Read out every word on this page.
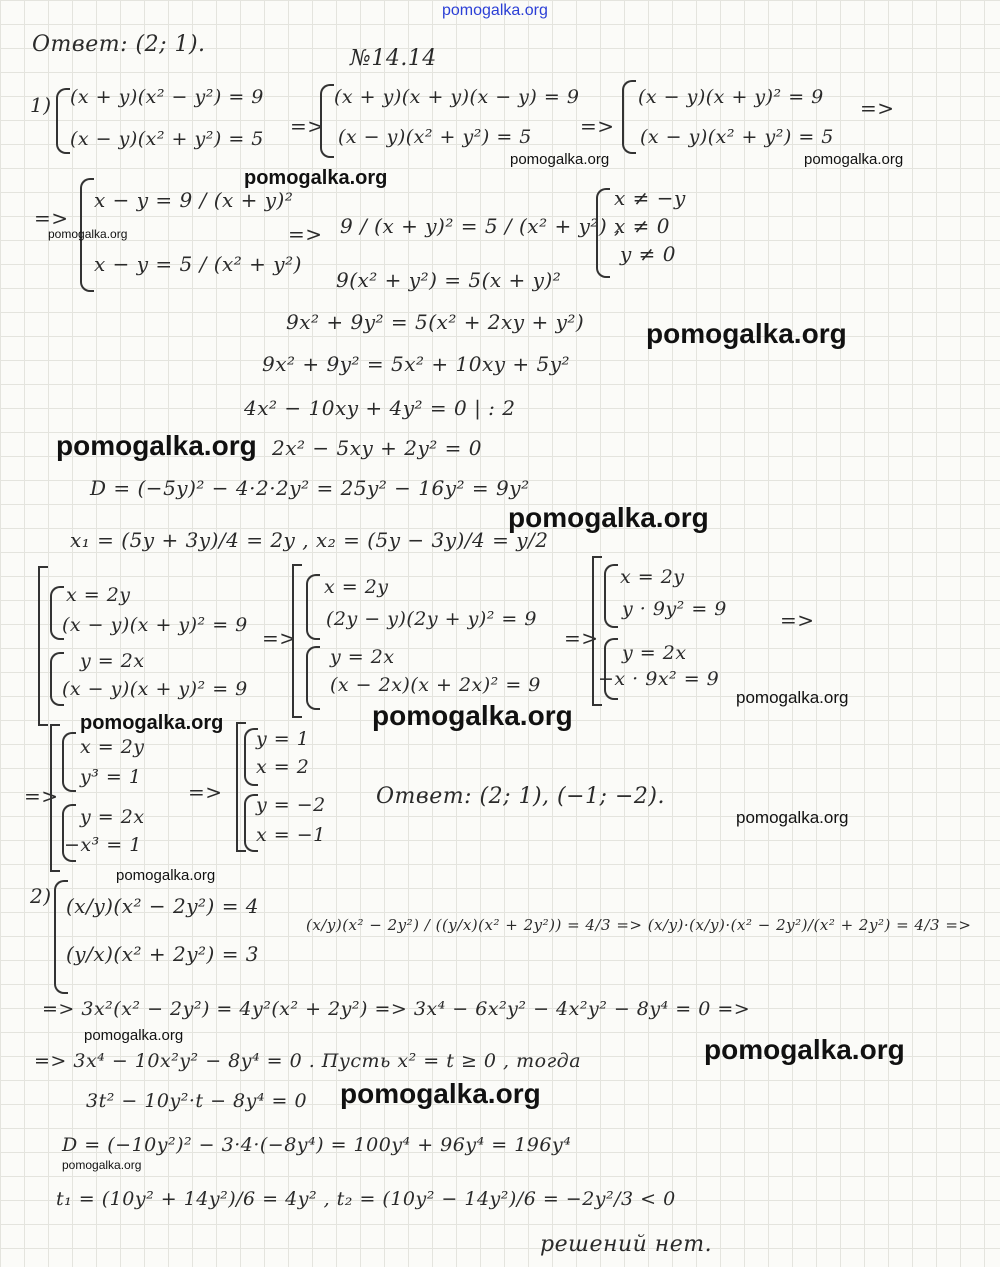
pomogalka.org
Ответ: (2; 1).
№14.14
1) (x + y)(x² − y²) = 9
(x − y)(x² + y²) = 5
=>
(x + y)(x + y)(x − y) = 9
(x − y)(x² + y²) = 5 =>
(x − y)(x + y)² = 9
(x − y)(x² + y²) = 5
=>
=>
x − y = 9 / (x + y)²
x − y = 5 / (x² + y²)
=> 9 / (x + y)² = 5 / (x² + y²) ,
x ≠ −y
x ≠ 0
y ≠ 0
9(x² + y²) = 5(x + y)²
9x² + 9y² = 5(x² + 2xy + y²)
9x² + 9y² = 5x² + 10xy + 5y²
4x² − 10xy + 4y² = 0 | : 2
2x² − 5xy + 2y² = 0
D = (−5y)² − 4·2·2y² = 25y² − 16y² = 9y²
x₁ = (5y + 3y)/4 = 2y , x₂ = (5y − 3y)/4 = y/2
x = 2y
(x − y)(x + y)² = 9
y = 2x
(x − y)(x + y)² = 9
=>
x = 2y
(2y − y)(2y + y)² = 9
y = 2x
(x − 2x)(x + 2x)² = 9
=>
x = 2y
y · 9y² = 9
y = 2x
−x · 9x² = 9
=>
=>
x = 2y
y³ = 1
y = 2x
−x³ = 1
=>
y = 1
x = 2
y = −2
x = −1
Ответ: (2; 1), (−1; −2).
2) (x/y)(x² − 2y²) = 4
(y/x)(x² + 2y²) = 3
(x/y)(x² − 2y²) / ((y/x)(x² + 2y²)) = 4/3 => (x/y)·(x/y)·(x² − 2y²)/(x² + 2y²) = 4/3 =>
=> 3x²(x² − 2y²) = 4y²(x² + 2y²) => 3x⁴ − 6x²y² − 4x²y² − 8y⁴ = 0 =>
=> 3x⁴ − 10x²y² − 8y⁴ = 0 . Пусть x² = t ≥ 0 , тогда
3t² − 10y²·t − 8y⁴ = 0
D = (−10y²)² − 3·4·(−8y⁴) = 100y⁴ + 96y⁴ = 196y⁴
t₁ = (10y² + 14y²)/6 = 4y² , t₂ = (10y² − 14y²)/6 = −2y²/3 < 0
решений нет.
pomogalka.org	pomogalka.org
pomogalka.org
pomogalka.org
pomogalka.org
pomogalka.org
pomogalka.org
pomogalka.org
pomogalka.org
pomogalka.org
pomogalka.org
pomogalka.org
pomogalka.org	pomogalka.org
pomogalka.org
pomogalka.org
